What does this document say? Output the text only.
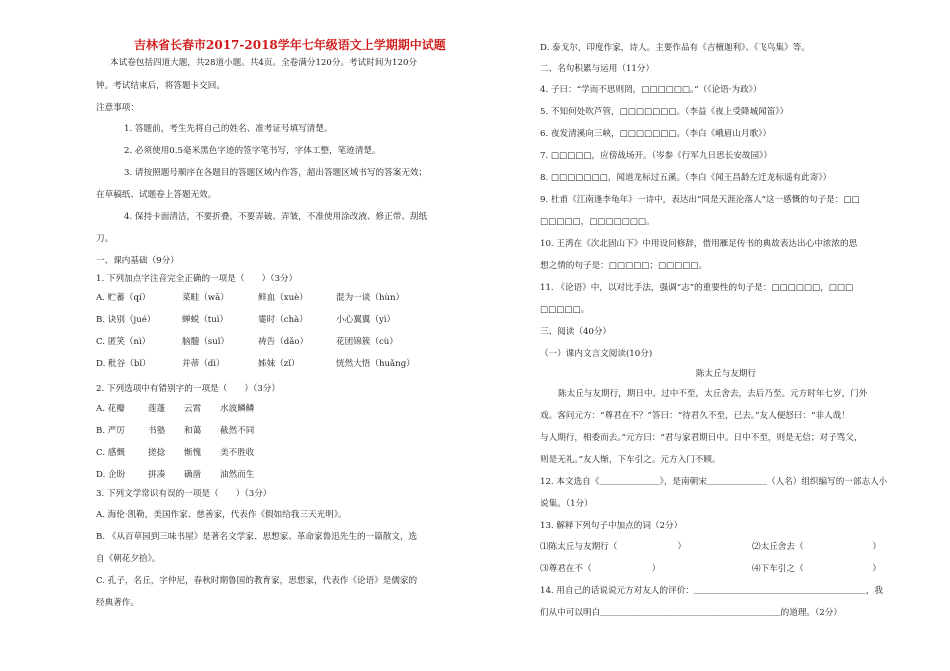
吉林省长春市2017-2018学年七年级语文上学期期中试题
本试卷包括四道大题，共28道小题。共4页。全卷满分120分。考试时间为120分
钟。考试结束后，将答题卡交回。
注意事项：
1. 答题前，考生先将自己的姓名、准考证号填写清楚。
2. 必须使用0.5毫米黑色字迹的签字笔书写，字体工整，笔迹清楚。
3. 请按照题号顺序在各题目的答题区域内作答，超出答题区域书写的答案无效；
在草稿纸、试题卷上答题无效。
4. 保持卡面清洁，不要折叠，不要弄破、弄皱，不准使用涂改液、修正带、刮纸
刀。
一、课内基础（9分）
1. 下列加点字注音完全正确的一项是（　　）（3分）
A. 贮蓄（qí）	菜畦（wā）	鲜血（xuè）	混为一谈（hùn）
B. 诀别（jué）	蝉蜕（tuì）	霎时（chà）	小心翼翼（yì）
C. 匿笑（nì）	脑髓（suǐ）	祷告（dǎo）	花团锦簇（cù）
D. 秕谷（bǐ）	并蒂（dì）	姊妹（zǐ）	恍然大悟（huǎng）
2. 下列选项中有错别字的一项是（　　）（3分）
A. 花瓣	莲蓬 云霄 水波鳞鳞
B. 严厉	书塾 和蔼 截然不同
C. 感慨	搓捻 惭愧 美不胜收
D. 企盼	拼凑 确凿 油然而生
3. 下列文学常识有误的一项是（　　）（3分）
A. 海伦·凯勒，美国作家、慈善家，代表作《假如给我三天光明》。
B. 《从百草园到三味书屋》是著名文学家、思想家、革命家鲁迅先生的一篇散文，选
自《朝花夕拾》。
C. 孔子，名丘，字仲尼，春秋时期鲁国的教育家，思想家，代表作《论语》是儒家的
经典著作。
D. 泰戈尔，印度作家，诗人。主要作品有《吉檀迦利》、《飞鸟集》等。
二、名句积累与运用（11分）
4. 子曰：“学而不思则罔，□□□□□□。”（《论语·为政》）
5. 不知何处吹芦管，□□□□□□□。（李益《夜上受降城闻笛》）
6. 夜发清溪向三峡，□□□□□□□。（李白《峨眉山月歌》）
7. □□□□□，应傍战场开。（岑参《行军九日思长安故园》）
8. □□□□□□□，闻道龙标过五溪。（李白《闻王昌龄左迁龙标遥有此寄》）
9. 杜甫《江南逢李龟年》一诗中，表达出“同是天涯沦落人”这一感慨的句子是：□□
□□□□□，□□□□□□□。
10. 王湾在《次北固山下》中用设问修辞，借用雁足传书的典故表达出心中浓浓的思
想之情的句子是：□□□□□；□□□□□。
11. 《论语》中，以对比手法，强调“志”的重要性的句子是：□□□□□□，□□□
□□□□□。
三、阅读（40分）
（一）课内文言文阅读(10分)
陈太丘与友期行
陈太丘与友期行，期日中。过中不至，太丘舍去，去后乃至。元方时年七岁，门外
戏。客问元方：“尊君在不？”答曰：“待君久不至，已去。”友人便怒曰：“非人哉！
与人期行，相委而去。”元方曰：“君与家君期日中。日中不至，则是无信；对子骂父，
则是无礼。”友人惭，下车引之。元方入门不顾。
12. 本文选自《＿＿＿＿＿＿＿》，是南朝宋＿＿＿＿＿＿＿（人名）组织编写的一部志人小
说集。（1分）
13. 解释下列句子中加点的词（2分）
⑴陈太丘与友期行（　　　　　　　）	⑵太丘舍去（　　　　　　　　）
⑶尊君在不（　　　　　　　）	⑷下车引之（　　　　　　　　）
14. 用自己的话说说元方对友人的评价：＿＿＿＿＿＿＿＿＿＿＿＿＿＿＿＿＿＿＿＿，我
们从中可以明白＿＿＿＿＿＿＿＿＿＿＿＿＿＿＿＿＿＿＿＿＿的道理。（2分）
